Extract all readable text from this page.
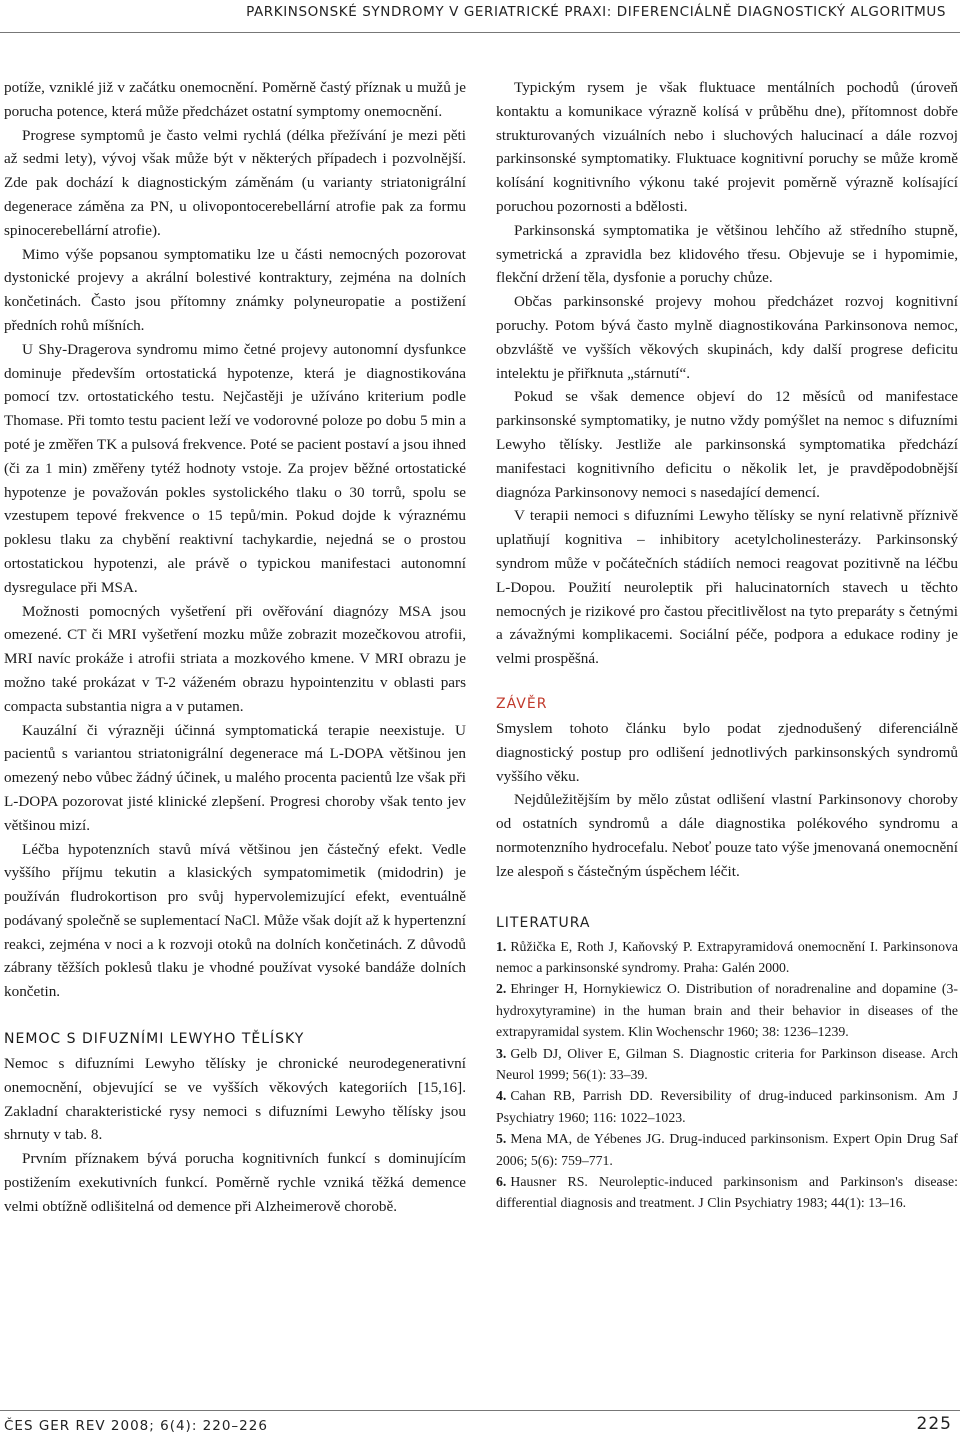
PARKINSONSKÉ SYNDROMY V GERIATRICKÉ PRAXI: DIFERENCIÁLNĚ DIAGNOSTICKÝ ALGORITMUS

potíže, vzniklé již v začátku onemocnění. Poměrně častý příznak u mužů je porucha potence, která může předcházet ostatní symptomy onemocnění.

Progrese symptomů je často velmi rychlá (délka přežívání je mezi pěti až sedmi lety), vývoj však může být v některých případech i pozvolnější. Zde pak dochází k diagnostickým záměnám (u varianty striatonigrální degenerace záměna za PN, u olivopontocerebellární atrofie pak za formu spinocerebellární atrofie).

Mimo výše popsanou symptomatiku lze u části nemocných pozorovat dystonické projevy a akrální bolestivé kontraktury, zejména na dolních končetinách. Často jsou přítomny známky polyneuropatie a postižení předních rohů míšních.

U Shy-Dragerova syndromu mimo četné projevy autonomní dysfunkce dominuje především ortostatická hypotenze, která je diagnostikována pomocí tzv. ortostatického testu. Nejčastěji je užíváno kriterium podle Thomase. Při tomto testu pacient leží ve vodorovné poloze po dobu 5 min a poté je změřen TK a pulsová frekvence. Poté se pacient postaví a jsou ihned (či za 1 min) změřeny tytéž hodnoty vstoje. Za projev běžné ortostatické hypotenze je považován pokles systolického tlaku o 30 torrů, spolu se vzestupem tepové frekvence o 15 tepů/min. Pokud dojde k výraznému poklesu tlaku za chybění reaktivní tachykardie, nejedná se o prostou ortostatickou hypotenzi, ale právě o typickou manifestaci autonomní dysregulace při MSA.

Možnosti pomocných vyšetření při ověřování diagnózy MSA jsou omezené. CT či MRI vyšetření mozku může zobrazit mozečkovou atrofii, MRI navíc prokáže i atrofii striata a mozkového kmene. V MRI obrazu je možno také prokázat v T-2 váženém obrazu hypointenzitu v oblasti pars compacta substantia nigra a v putamen.

Kauzální či výrazněji účinná symptomatická terapie neexistuje. U pacientů s variantou striatonigrální degenerace má L-DOPA většinou jen omezený nebo vůbec žádný účinek, u malého procenta pacientů lze však při L-DOPA pozorovat jisté klinické zlepšení. Progresi choroby však tento jev většinou mizí.

Léčba hypotenzních stavů mívá většinou jen částečný efekt. Vedle vyššího příjmu tekutin a klasických sympatomimetik (midodrin) je používán fludrokortison pro svůj hypervolemizující efekt, eventuálně podávaný společně se suplementací NaCl. Může však dojít až k hypertenzní reakci, zejména v noci a k rozvoji otoků na dolních končetinách. Z důvodů zábrany těžších poklesů tlaku je vhodné používat vysoké bandáže dolních končetin.

NEMOC S DIFUZNÍMI LEWYHO TĚLÍSKY

Nemoc s difuzními Lewyho tělísky je chronické neurodegenerativní onemocnění, objevující se ve vyšších věkových kategoriích [15,16]. Zakladní charakteristické rysy nemoci s difuzními Lewyho tělísky jsou shrnuty v tab. 8.

Prvním příznakem bývá porucha kognitivních funkcí s dominujícím postižením exekutivních funkcí. Poměrně rychle vzniká těžká demence velmi obtížně odlišitelná od demence při Alzheimerově chorobě.

Typickým rysem je však fluktuace mentálních pochodů (úroveň kontaktu a komunikace výrazně kolísá v průběhu dne), přítomnost dobře strukturovaných vizuálních nebo i sluchových halucinací a dále rozvoj parkinsonské symptomatiky. Fluktuace kognitivní poruchy se může kromě kolísání kognitivního výkonu také projevit poměrně výrazně kolísající poruchou pozornosti a bdělosti.

Parkinsonská symptomatika je většinou lehčího až středního stupně, symetrická a zpravidla bez klidového třesu. Objevuje se i hypomimie, flekční držení těla, dysfonie a poruchy chůze.

Občas parkinsonské projevy mohou předcházet rozvoj kognitivní poruchy. Potom bývá často mylně diagnostikována Parkinsonova nemoc, obzvláště ve vyšších věkových skupinách, kdy další progrese deficitu intelektu je přiřknuta „stárnutí“.

Pokud se však demence objeví do 12 měsíců od manifestace parkinsonské symptomatiky, je nutno vždy pomýšlet na nemoc s difuzními Lewyho tělísky. Jestliže ale parkinsonská symptomatika předchází manifestaci kognitivního deficitu o několik let, je pravděpodobnější diagnóza Parkinsonovy nemoci s nasedající demencí.

V terapii nemoci s difuzními Lewyho tělísky se nyní relativně příznivě uplatňují kognitiva – inhibitory acetylcholinesterázy. Parkinsonský syndrom může v počátečních stádiích nemoci reagovat pozitivně na léčbu L-Dopou. Použití neuroleptik při halucinatorních stavech u těchto nemocných je rizikové pro častou přecitlivělost na tyto preparáty s četnými a závažnými komplikacemi. Sociální péče, podpora a edukace rodiny je velmi prospěšná.

ZÁVĚR

Smyslem tohoto článku bylo podat zjednodušený diferenciálně diagnostický postup pro odlišení jednotlivých parkinsonských syndromů vyššího věku.

Nejdůležitějším by mělo zůstat odlišení vlastní Parkinsonovy choroby od ostatních syndromů a dále diagnostika polékového syndromu a normotenzního hydrocefalu. Neboť pouze tato výše jmenovaná onemocnění lze alespoň s částečným úspěchem léčit.

LITERATURA
1. Růžička E, Roth J, Kaňovský P. Extrapyramidová onemocnění I. Parkinsonova nemoc a parkinsonské syndromy. Praha: Galén 2000.
2. Ehringer H, Hornykiewicz O. Distribution of noradrenaline and dopamine (3-hydroxytyramine) in the human brain and their behavior in diseases of the extrapyramidal system. Klin Wochenschr 1960; 38: 1236–1239.
3. Gelb DJ, Oliver E, Gilman S. Diagnostic criteria for Parkinson disease. Arch Neurol 1999; 56(1): 33–39.
4. Cahan RB, Parrish DD. Reversibility of drug-induced parkinsonism. Am J Psychiatry 1960; 116: 1022–1023.
5. Mena MA, de Yébenes JG. Drug-induced parkinsonism. Expert Opin Drug Saf 2006; 5(6): 759–771.
6. Hausner RS. Neuroleptic-induced parkinsonism and Parkinson's disease: differential diagnosis and treatment. J Clin Psychiatry 1983; 44(1): 13–16.
ČES GER REV 2008; 6(4): 220–226	225
